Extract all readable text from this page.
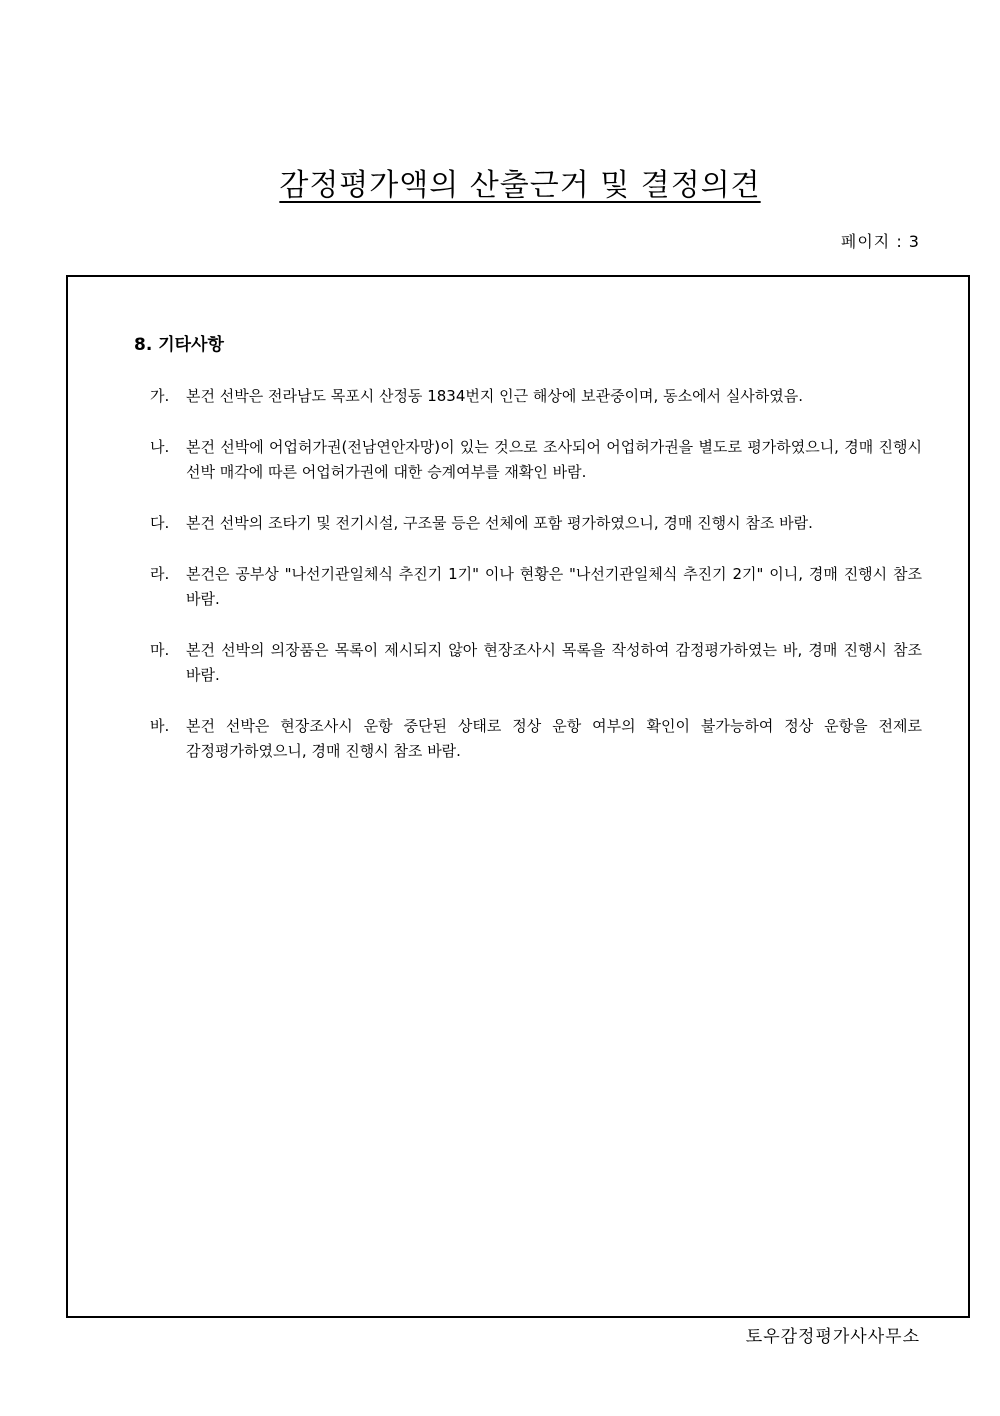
감정평가액의 산출근거 및 결정의견
페이지 : 3
8. 기타사항
가.	본건 선박은 전라남도 목포시 산정동 1834번지 인근 해상에 보관중이며, 동소에서 실사하였음.
나.	본건 선박에 어업허가권(전남연안자망)이 있는 것으로 조사되어 어업허가권을 별도로 평가하였으니, 경매 진행시 선박 매각에 따른 어업허가권에 대한 승계여부를 재확인 바람.
다.	본건 선박의 조타기 및 전기시설, 구조물 등은 선체에 포함 평가하였으니, 경매 진행시 참조 바람.
라.	본건은 공부상 "나선기관일체식 추진기 1기" 이나 현황은 "나선기관일체식 추진기 2기" 이니, 경매 진행시 참조 바람.
마.	본건 선박의 의장품은 목록이 제시되지 않아 현장조사시 목록을 작성하여 감정평가하였는 바, 경매 진행시 참조 바람.
바.	본건 선박은 현장조사시 운항 중단된 상태로 정상 운항 여부의 확인이 불가능하여 정상 운항을 전제로 감정평가하였으니, 경매 진행시 참조 바람.
토우감정평가사사무소
